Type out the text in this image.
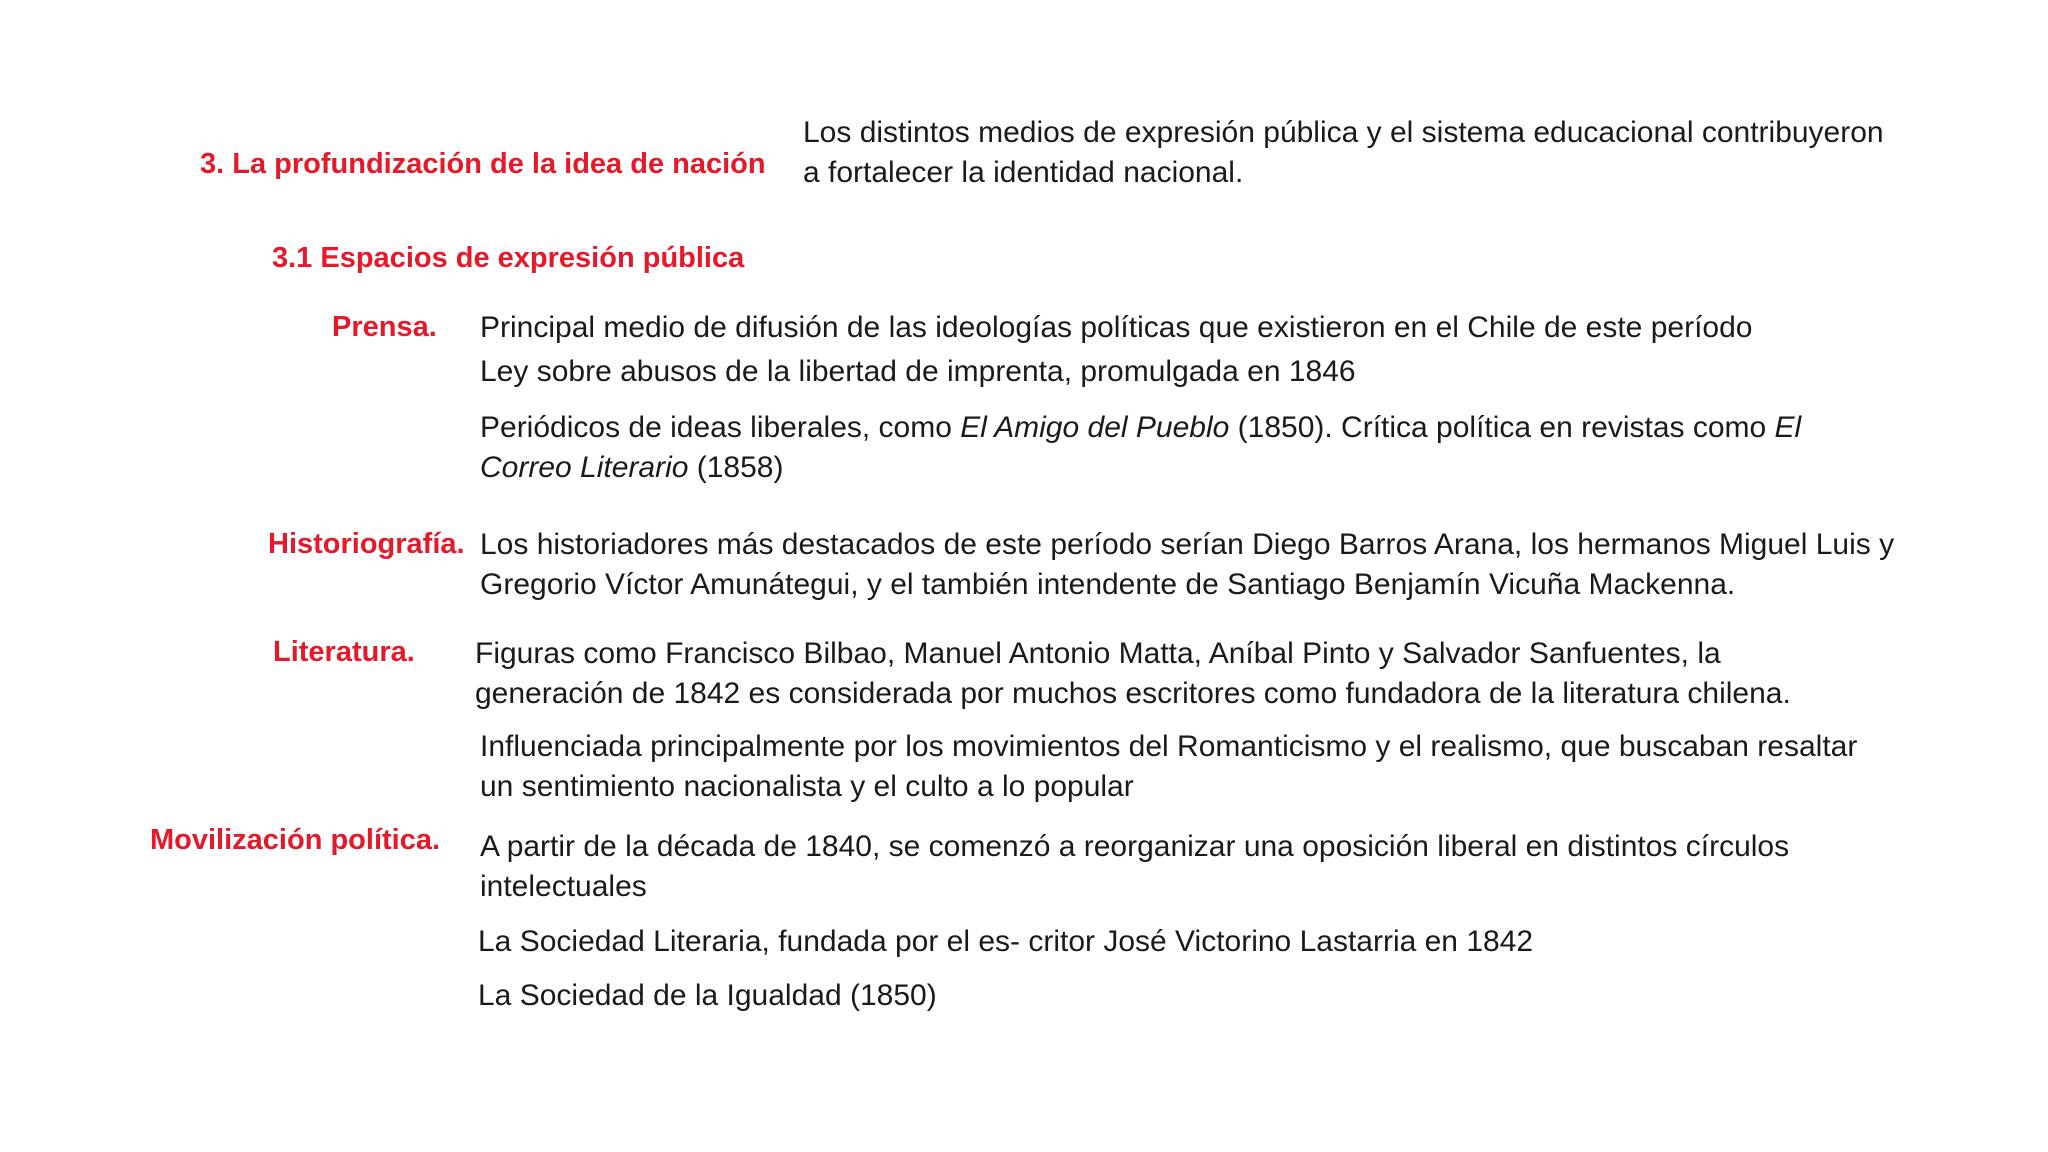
3. La profundización de la idea de nación
Los distintos medios de expresión pública y el sistema educacional contribuyeron a fortalecer la identidad nacional.
3.1 Espacios de expresión pública
Prensa. Principal medio de difusión de las ideologías políticas que existieron en el Chile de este período
Ley sobre abusos de la libertad de imprenta, promulgada en 1846
Periódicos de ideas liberales, como El Amigo del Pueblo (1850). Crítica política en revistas como El Correo Literario (1858)
Historiografía. Los historiadores más destacados de este período serían Diego Barros Arana, los hermanos Miguel Luis y Gregorio Víctor Amunátegui, y el también intendente de Santiago Benjamín Vicuña Mackenna.
Literatura. Figuras como Francisco Bilbao, Manuel Antonio Matta, Aníbal Pinto y Salvador Sanfuentes, la generación de 1842 es considerada por muchos escritores como fundadora de la literatura chilena.
Influenciada principalmente por los movimientos del Romanticismo y el realismo, que buscaban resaltar un sentimiento nacionalista y el culto a lo popular
Movilización política. A partir de la década de 1840, se comenzó a reorganizar una oposición liberal en distintos círculos intelectuales
La Sociedad Literaria, fundada por el es- critor José Victorino Lastarria en 1842
La Sociedad de la Igualdad (1850)
